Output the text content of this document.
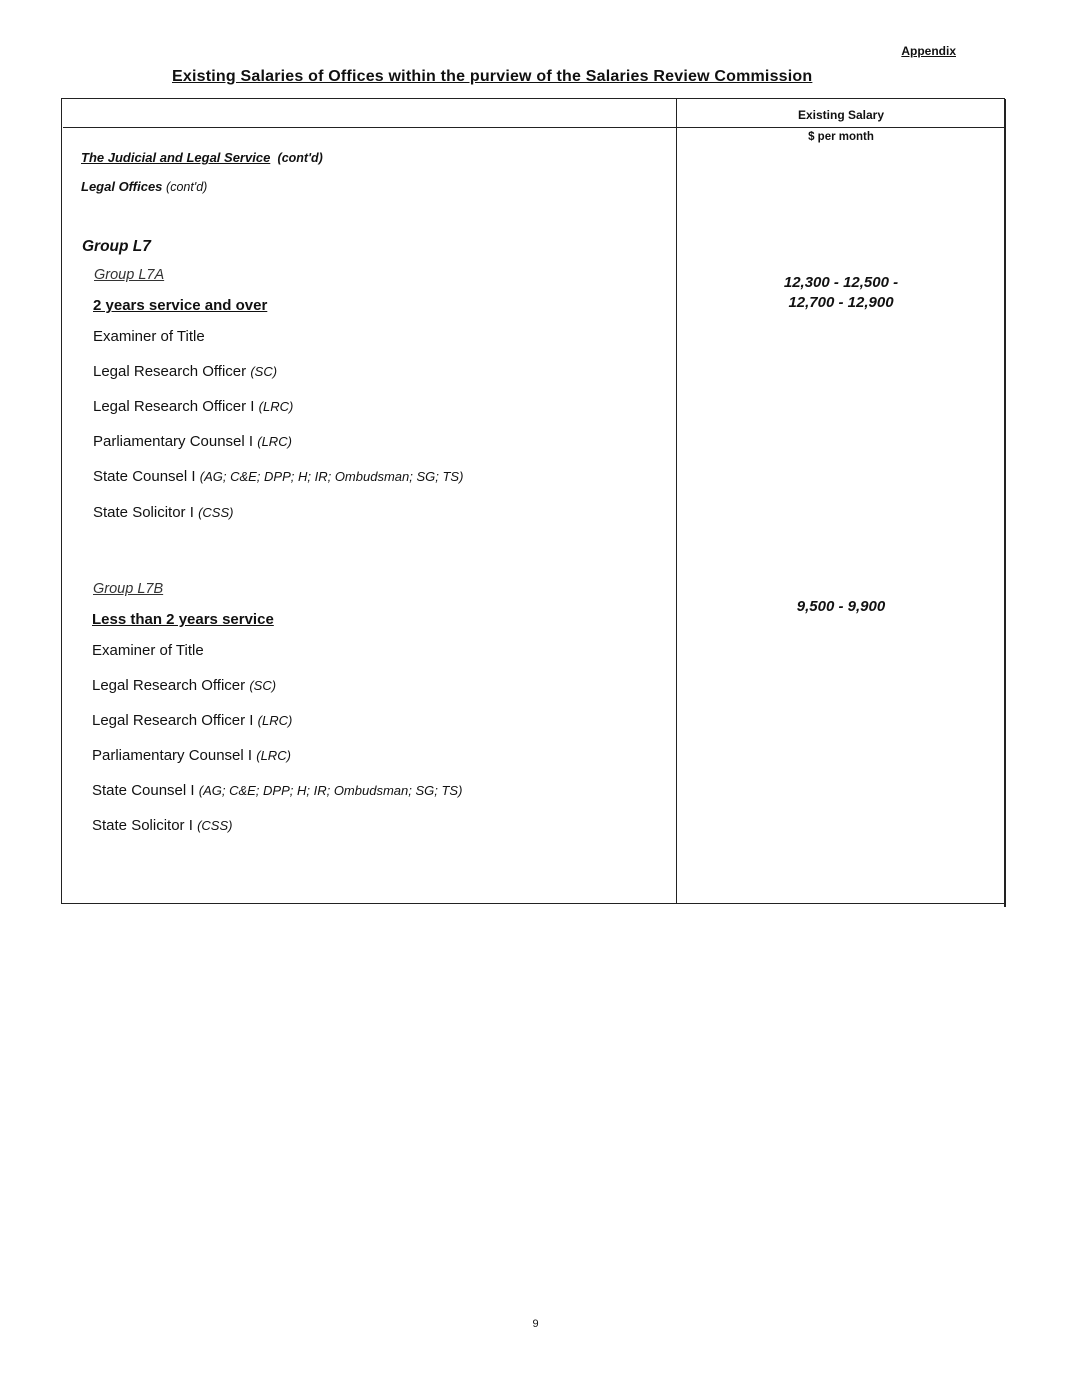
Appendix
Existing Salaries of Offices within the purview of the Salaries Review Commission
Existing Salary
$ per month
The Judicial and Legal Service (cont'd)
Legal Offices (cont'd)
Group L7
Group L7A
2 years service and over
12,300 - 12,500 -
12,700 - 12,900
Examiner of Title
Legal Research Officer (SC)
Legal Research Officer I (LRC)
Parliamentary Counsel I (LRC)
State Counsel I (AG; C&E; DPP; H; IR; Ombudsman; SG; TS)
State Solicitor I (CSS)
Group L7B
Less than 2 years service
9,500 - 9,900
Examiner of Title
Legal Research Officer (SC)
Legal Research Officer I (LRC)
Parliamentary Counsel I (LRC)
State Counsel I (AG; C&E; DPP; H; IR; Ombudsman; SG; TS)
State Solicitor I (CSS)
9
